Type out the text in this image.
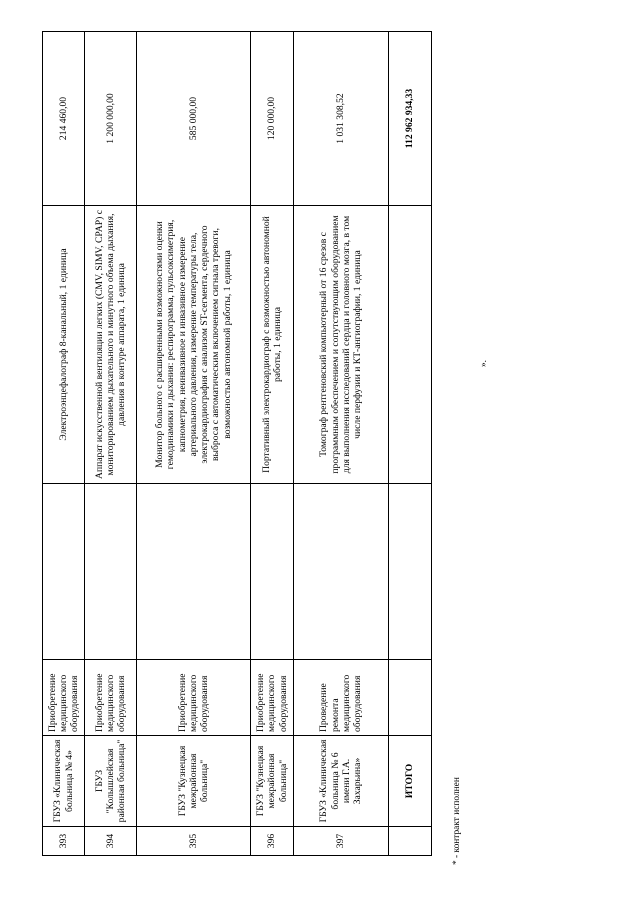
393	ГБУЗ «Клиническая больница № 4»	Приобретение медицинского оборудования		Электроэнцефалограф 8-канальный, 1 единица	214 460,00
394	ГБУЗ "Колышлейская районная больница"	Приобретение медицинского оборудования		Аппарат искусственной вентиляции легких (CMV, SIMV, CPAP) с мониторированием дыхательного и минутного объема дыхания, давления в контуре аппарата, 1 единица	1 200 000,00
395	ГБУЗ "Кузнецкая межрайонная больница"	Приобретение медицинского оборудования		Монитор больного с расширенными возможностями оценки гемодинамики и дыхания: респирограмма, пульсоксиметрия, капнометрия, неинвазивное и инвазивное измерение артериального давления, измерение температуры тела, электрокардиография с анализом ST-сегмента, сердечного выброса с автоматическим включением сигнала тревоги, возможностью автономной работы, 1 единица	585 000,00
396	ГБУЗ "Кузнецкая межрайонная больница"	Приобретение медицинского оборудования		Портативный электрокардиограф с возможностью автономной работы, 1 единица	120 000,00
397	ГБУЗ «Клиническая больница № 6 имени Г.А. Захарьина»	Проведение ремонта медицинского оборудования		Томограф рентгеновский компьютерный от 16 срезов с программным обеспечением и сопутствующим оборудованием для выполнения исследований сердца и головного мозга, в том числе перфузии и КТ-ангиографии, 1 единица	1 031 308,52
	ИТОГО				112 962 934,33
* - контракт исполнен
».
